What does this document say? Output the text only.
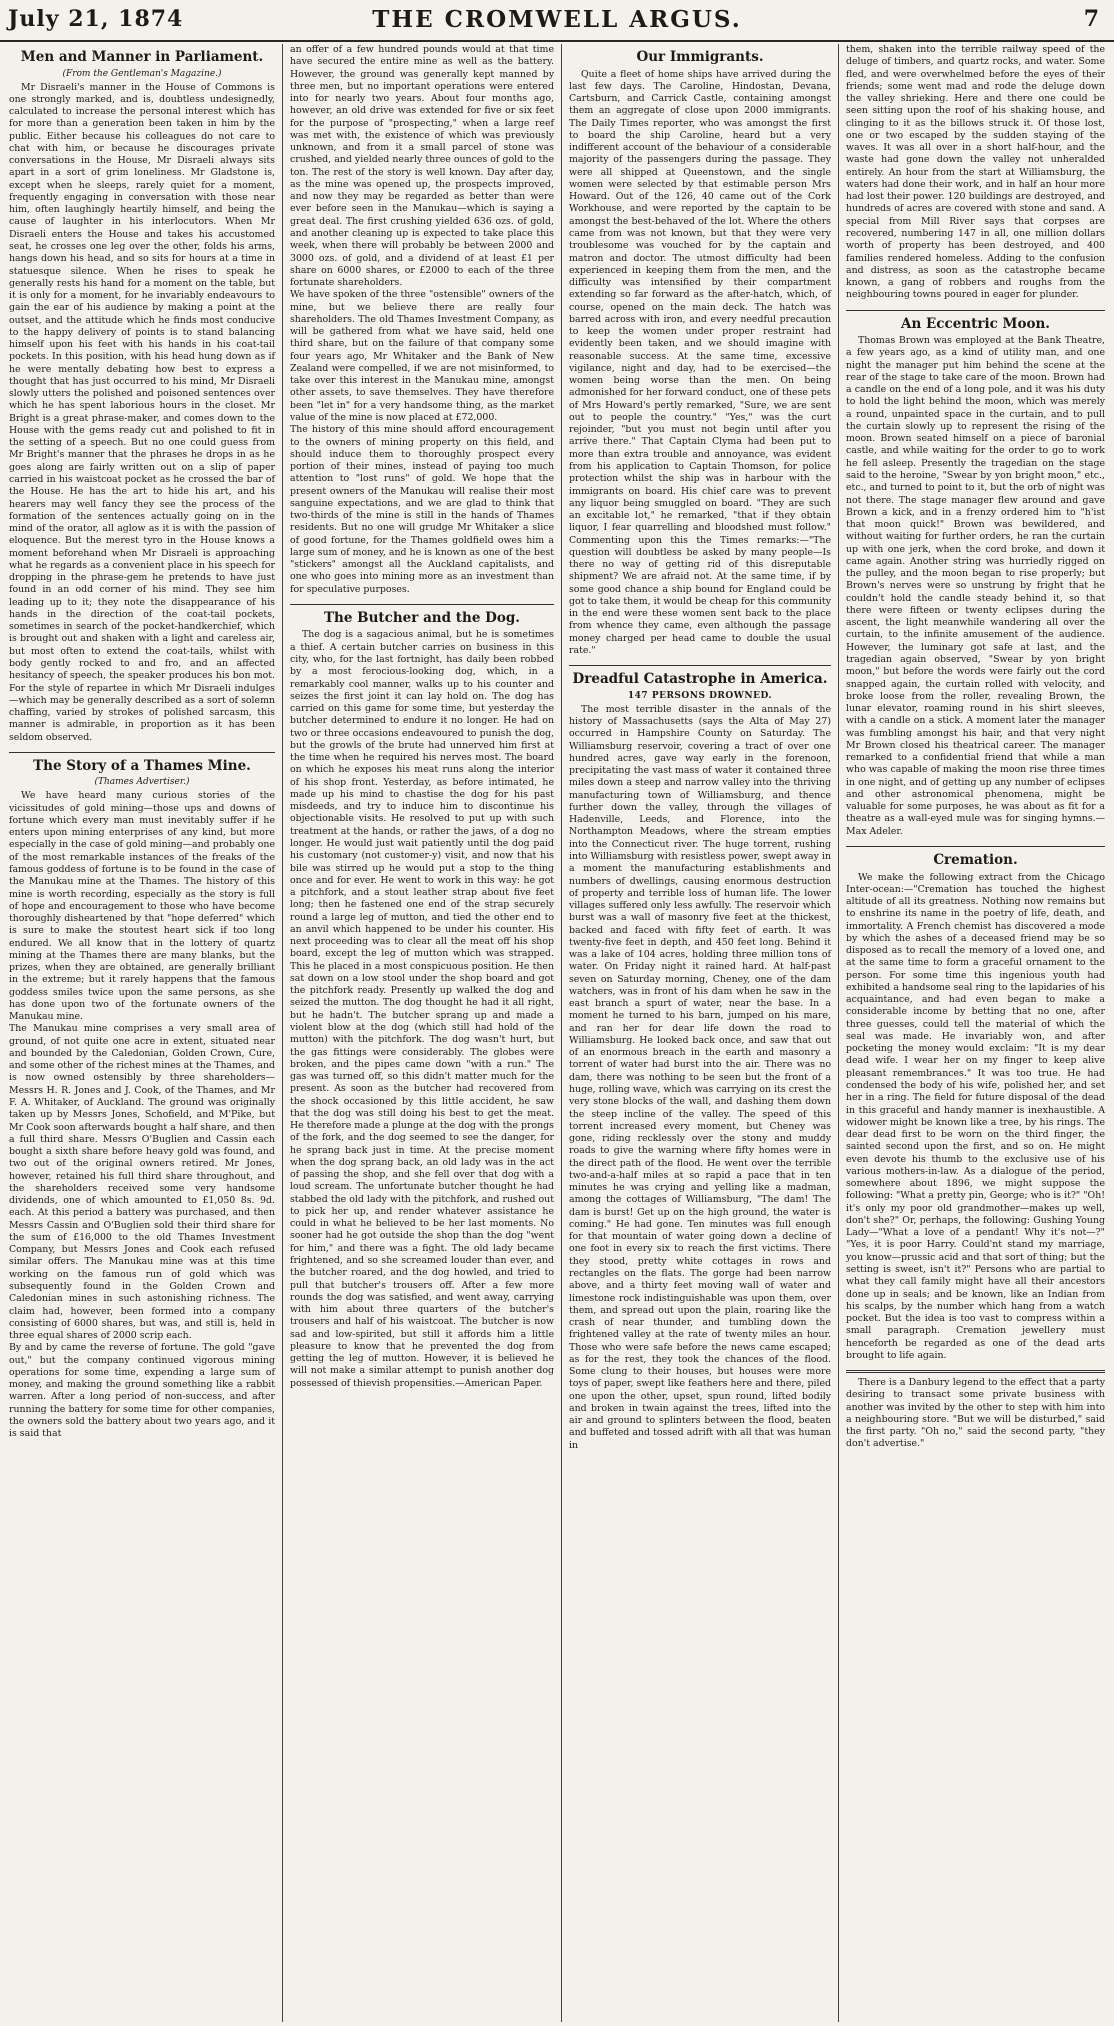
THE CROMWELL ARGUS.
July 21, 1874	7
Men and Manner in Parliament.
(From the Gentleman's Magazine.)

Mr Disraeli's manner in the House of Commons is one strongly marked, and is, doubtless undesignedly, calculated to increase the personal interest which has for more than a generation been taken in him by the public. Either because his colleagues do not care to chat with him, or because he discourages private conversations in the House, Mr Disraeli always sits apart in a sort of grim loneliness. Mr Gladstone is, except when he sleeps, rarely quiet for a moment, frequently engaging in conversation with those near him, often laughingly heartily himself, and being the cause of laughter in his interlocutors. When Mr Disraeli enters the House and takes his accustomed seat, he crosses one leg over the other, folds his arms, hangs down his head, and so sits for hours at a time in statuesque silence. When he rises to speak he generally rests his hand for a moment on the table, but it is only for a moment, for he invariably endeavours to gain the ear of his audience by making a point at the outset, and the attitude which he finds most conducive to the happy delivery of points is to stand balancing himself upon his feet with his hands in his coat-tail pockets. In this position, with his head hung down as if he were mentally debating how best to express a thought that has just occurred to his mind, Mr Disraeli slowly utters the polished and poisoned sentences over which he has spent laborious hours in the closet. Mr Bright is a great phrase-maker, and comes down to the House with the gems ready cut and polished to fit in the setting of a speech. But no one could guess from Mr Bright's manner that the phrases he drops in as he goes along are fairly written out on a slip of paper carried in his waistcoat pocket as he crossed the bar of the House. He has the art to hide his art, and his hearers may well fancy they see the process of the formation of the sentences actually going on in the mind of the orator, all aglow as it is with the passion of eloquence. But the merest tyro in the House knows a moment beforehand when Mr Disraeli is approaching what he regards as a convenient place in his speech for dropping in the phrase-gem he pretends to have just found in an odd corner of his mind. They see him leading up to it; they note the disappearance of his hands in the direction of the coat-tail pockets, sometimes in search of the pocket-handkerchief, which is brought out and shaken with a light and careless air, but most often to extend the coat-tails, whilst with body gently rocked to and fro, and an affected hesitancy of speech, the speaker produces his bon mot. For the style of repartee in which Mr Disraeli indulges—which may be generally described as a sort of solemn chaffing, varied by strokes of polished sarcasm, this manner is admirable, in proportion as it has been seldom observed.

The Story of a Thames Mine.
(Thames Advertiser.)

We have heard many curious stories of the vicissitudes of gold mining—those ups and downs of fortune which every man must inevitably suffer if he enters upon mining enterprises of any kind, but more especially in the case of gold mining—and probably one of the most remarkable instances of the freaks of the famous goddess of fortune is to be found in the case of the Manukau mine at the Thames. The history of this mine is worth recording, especially as the story is full of hope and encouragement to those who have become thoroughly disheartened by that "hope deferred" which is sure to make the stoutest heart sick if too long endured. We all know that in the lottery of quartz mining at the Thames there are many blanks, but the prizes, when they are obtained, are generally brilliant in the extreme; but it rarely happens that the famous goddess smiles twice upon the same persons, as she has done upon two of the fortunate owners of the Manukau mine.
The Manukau mine comprises a very small area of ground, of not quite one acre in extent, situated near and bounded by the Caledonian, Golden Crown, Cure, and some other of the richest mines at the Thames, and is now owned ostensibly by three shareholders—Messrs H. R. Jones and J. Cook, of the Thames, and Mr F. A. Whitaker, of Auckland. The ground was originally taken up by Messrs Jones, Schofield, and M'Pike, but Mr Cook soon afterwards bought a half share, and then a full third share. Messrs O'Buglien and Cassin each bought a sixth share before heavy gold was found, and two out of the original owners retired. Mr Jones, however, retained his full third share throughout, and the shareholders received some very handsome dividends, one of which amounted to £1,050 8s. 9d. each. At this period a battery was purchased, and then Messrs Cassin and O'Buglien sold their third share for the sum of £16,000 to the old Thames Investment Company, but Messrs Jones and Cook each refused similar offers. The Manukau mine was at this time working on the famous run of gold which was subsequently found in the Golden Crown and Caledonian mines in such astonishing richness. The claim had, however, been formed into a company consisting of 6000 shares, but was, and still is, held in three equal shares of 2000 scrip each.
By and by came the reverse of fortune. The gold "gave out," but the company continued vigorous mining operations for some time, expending a large sum of money, and making the ground something like a rabbit warren. After a long period of non-success, and after running the battery for some time for other companies, the owners sold the battery about two years ago, and it is said that

an offer of a few hundred pounds would at that time have secured the entire mine as well as the battery. However, the ground was generally kept manned by three men, but no important operations were entered into for nearly two years. About four months ago, however, an old drive was extended for five or six feet for the purpose of "prospecting," when a large reef was met with, the existence of which was previously unknown, and from it a small parcel of stone was crushed, and yielded nearly three ounces of gold to the ton. The rest of the story is well known. Day after day, as the mine was opened up, the prospects improved, and now they may be regarded as better than were ever before seen in the Manukau—which is saying a great deal. The first crushing yielded 636 ozs. of gold, and another cleaning up is expected to take place this week, when there will probably be between 2000 and 3000 ozs. of gold, and a dividend of at least £1 per share on 6000 shares, or £2000 to each of the three fortunate shareholders.
We have spoken of the three "ostensible" owners of the mine, but we believe there are really four shareholders. The old Thames Investment Company, as will be gathered from what we have said, held one third share, but on the failure of that company some four years ago, Mr Whitaker and the Bank of New Zealand were compelled, if we are not misinformed, to take over this interest in the Manukau mine, amongst other assets, to save themselves. They have therefore been "let in" for a very handsome thing, as the market value of the mine is now placed at £72,000.
The history of this mine should afford encouragement to the owners of mining property on this field, and should induce them to thoroughly prospect every portion of their mines, instead of paying too much attention to "lost runs" of gold. We hope that the present owners of the Manukau will realise their most sanguine expectations, and we are glad to think that two-thirds of the mine is still in the hands of Thames residents. But no one will grudge Mr Whitaker a slice of good fortune, for the Thames goldfield owes him a large sum of money, and he is known as one of the best "stickers" amongst all the Auckland capitalists, and one who goes into mining more as an investment than for speculative purposes.

The Butcher and the Dog.

The dog is a sagacious animal, but he is sometimes a thief. A certain butcher carries on business in this city, who, for the last fortnight, has daily been robbed by a most ferocious-looking dog, which, in a remarkably cool manner, walks up to his counter and seizes the first joint it can lay hold on. The dog has carried on this game for some time, but yesterday the butcher determined to endure it no longer. He had on two or three occasions endeavoured to punish the dog, but the growls of the brute had unnerved him first at the time when he required his nerves most. The board on which he exposes his meat runs along the interior of his shop front. Yesterday, as before intimated, he made up his mind to chastise the dog for his past misdeeds, and try to induce him to discontinue his objectionable visits. He resolved to put up with such treatment at the hands, or rather the jaws, of a dog no longer. He would just wait patiently until the dog paid his customary (not customer-y) visit, and now that his bile was stirred up he would put a stop to the thing once and for ever. He went to work in this way: he got a pitchfork, and a stout leather strap about five feet long; then he fastened one end of the strap securely round a large leg of mutton, and tied the other end to an anvil which happened to be under his counter. His next proceeding was to clear all the meat off his shop board, except the leg of mutton which was strapped. This he placed in a most conspicuous position. He then sat down on a low stool under the shop board and got the pitchfork ready. Presently up walked the dog and seized the mutton. The dog thought he had it all right, but he hadn't. The butcher sprang up and made a violent blow at the dog (which still had hold of the mutton) with the pitchfork. The dog wasn't hurt, but the gas fittings were considerably. The globes were broken, and the pipes came down "with a run." The gas was turned off, so this didn't matter much for the present. As soon as the butcher had recovered from the shock occasioned by this little accident, he saw that the dog was still doing his best to get the meat. He therefore made a plunge at the dog with the prongs of the fork, and the dog seemed to see the danger, for he sprang back just in time. At the precise moment when the dog sprang back, an old lady was in the act of passing the shop, and she fell over that dog with a loud scream. The unfortunate butcher thought he had stabbed the old lady with the pitchfork, and rushed out to pick her up, and render whatever assistance he could in what he believed to be her last moments. No sooner had he got outside the shop than the dog "went for him," and there was a fight. The old lady became frightened, and so she screamed louder than ever, and the butcher roared, and the dog howled, and tried to pull that butcher's trousers off. After a few more rounds the dog was satisfied, and went away, carrying with him about three quarters of the butcher's trousers and half of his waistcoat. The butcher is now sad and low-spirited, but still it affords him a little pleasure to know that he prevented the dog from getting the leg of mutton. However, it is believed he will not make a similar attempt to punish another dog possessed of thievish propensities.—American Paper.

Our Immigrants.

Quite a fleet of home ships have arrived during the last few days. The Caroline, Hindostan, Devana, Cartsburn, and Carrick Castle, containing amongst them an aggregate of close upon 2000 immigrants. The Daily Times reporter, who was amongst the first to board the ship Caroline, heard but a very indifferent account of the behaviour of a considerable majority of the passengers during the passage. They were all shipped at Queenstown, and the single women were selected by that estimable person Mrs Howard. Out of the 126, 40 came out of the Cork Workhouse, and were reported by the captain to be amongst the best-behaved of the lot. Where the others came from was not known, but that they were very troublesome was vouched for by the captain and matron and doctor. The utmost difficulty had been experienced in keeping them from the men, and the difficulty was intensified by their compartment extending so far forward as the after-hatch, which, of course, opened on the main deck. The hatch was barred across with iron, and every needful precaution to keep the women under proper restraint had evidently been taken, and we should imagine with reasonable success. At the same time, excessive vigilance, night and day, had to be exercised—the women being worse than the men. On being admonished for her forward conduct, one of these pets of Mrs Howard's pertly remarked, "Sure, we are sent out to people the country." "Yes," was the curt rejoinder, "but you must not begin until after you arrive there." That Captain Clyma had been put to more than extra trouble and annoyance, was evident from his application to Captain Thomson, for police protection whilst the ship was in harbour with the immigrants on board. His chief care was to prevent any liquor being smuggled on board. "They are such an excitable lot," he remarked, "that if they obtain liquor, I fear quarrelling and bloodshed must follow." Commenting upon this the Times remarks:—"The question will doubtless be asked by many people—Is there no way of getting rid of this disreputable shipment? We are afraid not. At the same time, if by some good chance a ship bound for England could be got to take them, it would be cheap for this community in the end were these women sent back to the place from whence they came, even although the passage money charged per head came to double the usual rate."

Dreadful Catastrophe in America.
147 PERSONS DROWNED.

The most terrible disaster in the annals of the history of Massachusetts (says the Alta of May 27) occurred in Hampshire County on Saturday. The Williamsburg reservoir, covering a tract of over one hundred acres, gave way early in the forenoon, precipitating the vast mass of water it contained three miles down a steep and narrow valley into the thriving manufacturing town of Williamsburg, and thence further down the valley, through the villages of Hadenville, Leeds, and Florence, into the Northampton Meadows, where the stream empties into the Connecticut river. The huge torrent, rushing into Williamsburg with resistless power, swept away in a moment the manufacturing establishments and numbers of dwellings, causing enormous destruction of property and terrible loss of human life. The lower villages suffered only less awfully. The reservoir which burst was a wall of masonry five feet at the thickest, backed and faced with fifty feet of earth. It was twenty-five feet in depth, and 450 feet long. Behind it was a lake of 104 acres, holding three million tons of water. On Friday night it rained hard. At half-past seven on Saturday morning, Cheney, one of the dam watchers, was in front of his dam when he saw in the east branch a spurt of water, near the base. In a moment he turned to his barn, jumped on his mare, and ran her for dear life down the road to Williamsburg. He looked back once, and saw that out of an enormous breach in the earth and masonry a torrent of water had burst into the air. There was no dam, there was nothing to be seen but the front of a huge, rolling wave, which was carrying on its crest the very stone blocks of the wall, and dashing them down the steep incline of the valley. The speed of this torrent increased every moment, but Cheney was gone, riding recklessly over the stony and muddy roads to give the warning where fifty homes were in the direct path of the flood. He went over the terrible two-and-a-half miles at so rapid a pace that in ten minutes he was crying and yelling like a madman, among the cottages of Williamsburg, "The dam! The dam is burst! Get up on the high ground, the water is coming." He had gone. Ten minutes was full enough for that mountain of water going down a decline of one foot in every six to reach the first victims. There they stood, pretty white cottages in rows and rectangles on the flats. The gorge had been narrow above, and a thirty feet moving wall of water and limestone rock indistinguishable was upon them, over them, and spread out upon the plain, roaring like the crash of near thunder, and tumbling down the frightened valley at the rate of twenty miles an hour. Those who were safe before the news came escaped; as for the rest, they took the chances of the flood. Some clung to their houses, but houses were more toys of paper, swept like feathers here and there, piled one upon the other, upset, spun round, lifted bodily and broken in twain against the trees, lifted into the air and ground to splinters between the flood, beaten and buffeted and tossed adrift with all that was human in

them, shaken into the terrible railway speed of the deluge of timbers, and quartz rocks, and water. Some fled, and were overwhelmed before the eyes of their friends; some went mad and rode the deluge down the valley shrieking. Here and there one could be seen sitting upon the roof of his shaking house, and clinging to it as the billows struck it. Of those lost, one or two escaped by the sudden staying of the waves. It was all over in a short half-hour, and the waste had gone down the valley not unheralded entirely. An hour from the start at Williamsburg, the waters had done their work, and in half an hour more had lost their power. 120 buildings are destroyed, and hundreds of acres are covered with stone and sand. A special from Mill River says that corpses are recovered, numbering 147 in all, one million dollars worth of property has been destroyed, and 400 families rendered homeless. Adding to the confusion and distress, as soon as the catastrophe became known, a gang of robbers and roughs from the neighbouring towns poured in eager for plunder.

An Eccentric Moon.

Thomas Brown was employed at the Bank Theatre, a few years ago, as a kind of utility man, and one night the manager put him behind the scene at the rear of the stage to take care of the moon. Brown had a candle on the end of a long pole, and it was his duty to hold the light behind the moon, which was merely a round, unpainted space in the curtain, and to pull the curtain slowly up to represent the rising of the moon. Brown seated himself on a piece of baronial castle, and while waiting for the order to go to work he fell asleep. Presently the tragedian on the stage said to the heroine, "Swear by yon bright moon," etc., etc., and turned to point to it, but the orb of night was not there. The stage manager flew around and gave Brown a kick, and in a frenzy ordered him to "h'ist that moon quick!" Brown was bewildered, and without waiting for further orders, he ran the curtain up with one jerk, when the cord broke, and down it came again. Another string was hurriedly rigged on the pulley, and the moon began to rise properly; but Brown's nerves were so unstrung by fright that he couldn't hold the candle steady behind it, so that there were fifteen or twenty eclipses during the ascent, the light meanwhile wandering all over the curtain, to the infinite amusement of the audience. However, the luminary got safe at last, and the tragedian again observed, "Swear by yon bright moon," but before the words were fairly out the cord snapped again, the curtain rolled with velocity, and broke loose from the roller, revealing Brown, the lunar elevator, roaming round in his shirt sleeves, with a candle on a stick. A moment later the manager was fumbling amongst his hair, and that very night Mr Brown closed his theatrical career. The manager remarked to a confidential friend that while a man who was capable of making the moon rise three times in one night, and of getting up any number of eclipses and other astronomical phenomena, might be valuable for some purposes, he was about as fit for a theatre as a wall-eyed mule was for singing hymns.—Max Adeler.

Cremation.

We make the following extract from the Chicago Inter-ocean:—"Cremation has touched the highest altitude of all its greatness. Nothing now remains but to enshrine its name in the poetry of life, death, and immortality. A French chemist has discovered a mode by which the ashes of a deceased friend may be so disposed as to recall the memory of a loved one, and at the same time to form a graceful ornament to the person. For some time this ingenious youth had exhibited a handsome seal ring to the lapidaries of his acquaintance, and had even began to make a considerable income by betting that no one, after three guesses, could tell the material of which the seal was made. He invariably won, and after pocketing the money would exclaim: "It is my dear dead wife. I wear her on my finger to keep alive pleasant remembrances." It was too true. He had condensed the body of his wife, polished her, and set her in a ring. The field for future disposal of the dead in this graceful and handy manner is inexhaustible. A widower might be known like a tree, by his rings. The dear dead first to be worn on the third finger, the sainted second upon the first, and so on. He might even devote his thumb to the exclusive use of his various mothers-in-law. As a dialogue of the period, somewhere about 1896, we might suppose the following: "What a pretty pin, George; who is it?" "Oh! it's only my poor old grandmother—makes up well, don't she?" Or, perhaps, the following: Gushing Young Lady—"What a love of a pendant! Why it's not—?" "Yes, it is poor Harry. Could'nt stand my marriage, you know—prussic acid and that sort of thing; but the setting is sweet, isn't it?" Persons who are partial to what they call family might have all their ancestors done up in seals; and be known, like an Indian from his scalps, by the number which hang from a watch pocket. But the idea is too vast to compress within a small paragraph. Cremation jewellery must henceforth be regarded as one of the dead arts brought to life again.

There is a Danbury legend to the effect that a party desiring to transact some private business with another was invited by the other to step with him into a neighbouring store. "But we will be disturbed," said the first party. "Oh no," said the second party, "they don't advertise."
